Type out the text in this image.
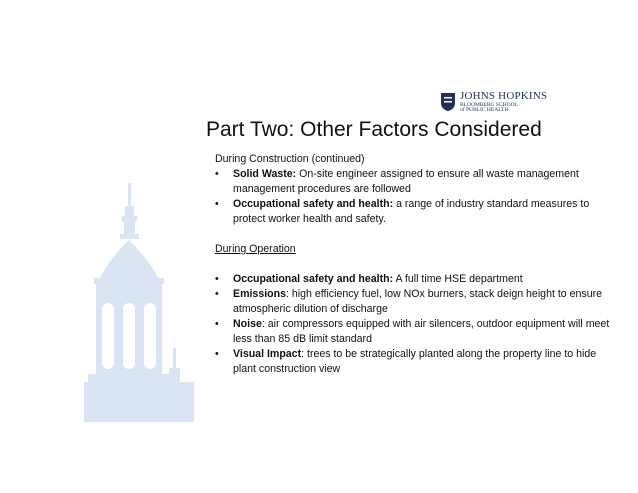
JOHNS HOPKINS
BLOOMBERG SCHOOL
of PUBLIC HEALTH
Part Two: Other Factors Considered

During Construction (continued)

• Solid Waste: On-site engineer assigned to ensure all waste management management procedures are followed
• Occupational safety and health: a range of industry standard measures to protect worker health and safety.

During Operation

• Occupational safety and health: A full time HSE department
• Emissions: high efficiency fuel, low NOx burners, stack deign height to ensure atmospheric dilution of discharge
• Noise: air compressors equipped with air silencers, outdoor equipment will meet less than 85 dB limit standard
• Visual Impact: trees to be strategically planted along the property line to hide plant construction view
